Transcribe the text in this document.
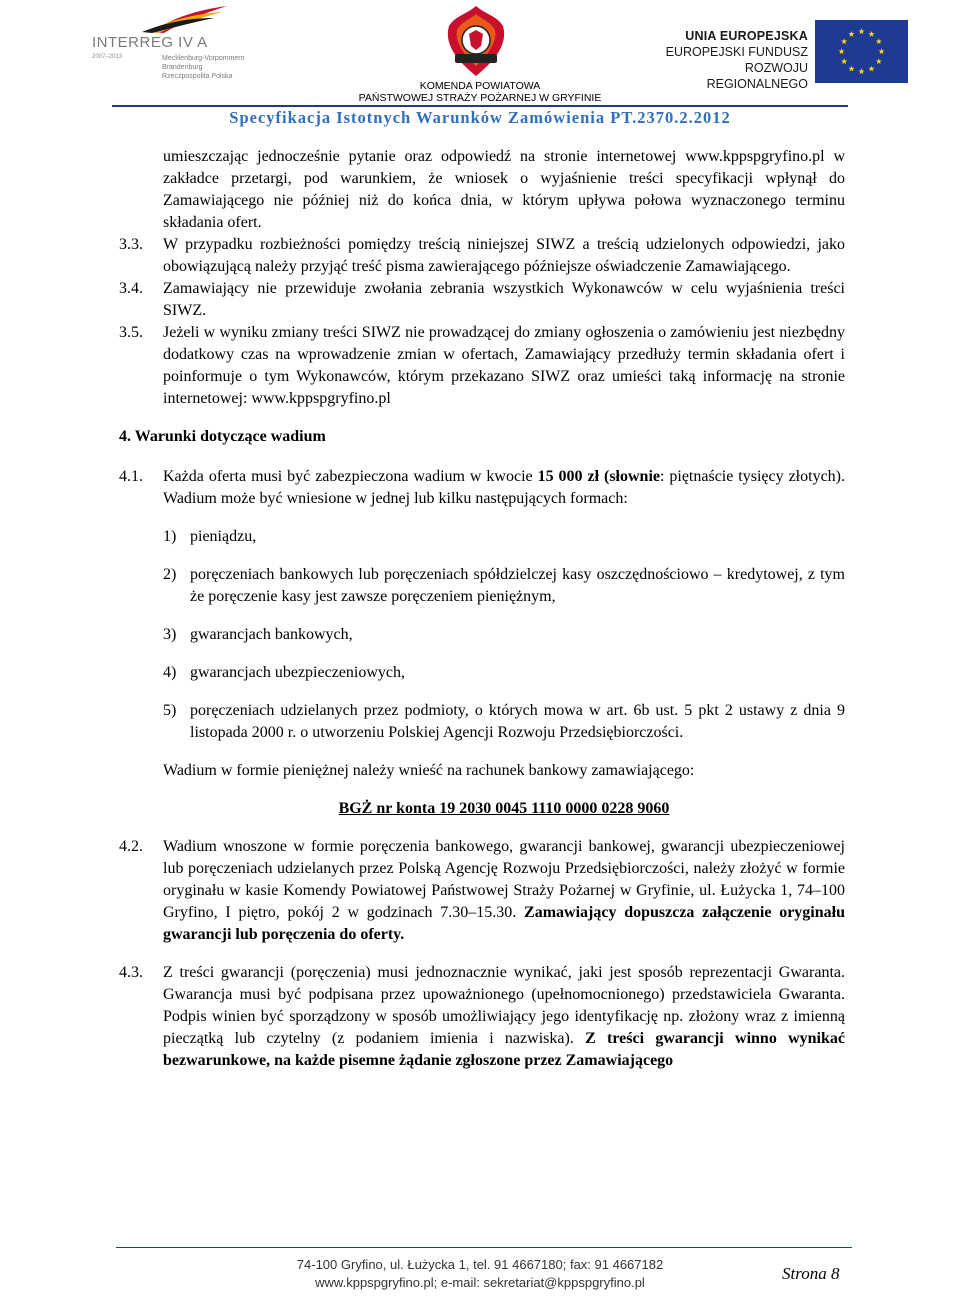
INTERREG IV A
2007–2013	Mecklenburg-Vorpommern
Brandenburg
Rzeczpospolita Polska
KOMENDA POWIATOWA
PAŃSTWOWEJ STRAŻY POŻARNEJ W GRYFINIE
UNIA EUROPEJSKA
EUROPEJSKI FUNDUSZ
ROZWOJU REGIONALNEGO
Specyfikacja Istotnych Warunków Zamówienia PT.2370.2.2012
umieszczając jednocześnie pytanie oraz odpowiedź na stronie internetowej www.kppspgryfino.pl w zakładce przetargi, pod warunkiem, że wniosek o wyjaśnienie treści specyfikacji wpłynął do Zamawiającego nie później niż do końca dnia, w którym upływa połowa wyznaczonego terminu składania ofert.
3.3. W przypadku rozbieżności pomiędzy treścią niniejszej SIWZ a treścią udzielonych odpowiedzi, jako obowiązującą należy przyjąć treść pisma zawierającego późniejsze oświadczenie Zamawiającego.
3.4. Zamawiający nie przewiduje zwołania zebrania wszystkich Wykonawców w celu wyjaśnienia treści SIWZ.
3.5. Jeżeli w wyniku zmiany treści SIWZ nie prowadzącej do zmiany ogłoszenia o zamówieniu jest niezbędny dodatkowy czas na wprowadzenie zmian w ofertach, Zamawiający przedłuży termin składania ofert i poinformuje o tym Wykonawców, którym przekazano SIWZ oraz umieści taką informację na stronie internetowej: www.kppspgryfino.pl
4. Warunki dotyczące wadium
4.1. Każda oferta musi być zabezpieczona wadium w kwocie 15 000 zł (słownie: piętnaście tysięcy złotych). Wadium może być wniesione w jednej lub kilku następujących formach:
1) pieniądzu,
2) poręczeniach bankowych lub poręczeniach spółdzielczej kasy oszczędnościowo – kredytowej, z tym że poręczenie kasy jest zawsze poręczeniem pieniężnym,
3) gwarancjach bankowych,
4) gwarancjach ubezpieczeniowych,
5) poręczeniach udzielanych przez podmioty, o których mowa w art. 6b ust. 5 pkt 2 ustawy z dnia 9 listopada 2000 r. o utworzeniu Polskiej Agencji Rozwoju Przedsiębiorczości.
Wadium w formie pieniężnej należy wnieść na rachunek bankowy zamawiającego:
BGŻ nr konta 19 2030 0045 1110 0000 0228 9060
4.2. Wadium wnoszone w formie poręczenia bankowego, gwarancji bankowej, gwarancji ubezpieczeniowej lub poręczeniach udzielanych przez Polską Agencję Rozwoju Przedsiębiorczości, należy złożyć w formie oryginału w kasie Komendy Powiatowej Państwowej Straży Pożarnej w Gryfinie, ul. Łużycka 1, 74–100 Gryfino, I piętro, pokój 2 w godzinach 7.30–15.30. Zamawiający dopuszcza załączenie oryginału gwarancji lub poręczenia do oferty.
4.3. Z treści gwarancji (poręczenia) musi jednoznacznie wynikać, jaki jest sposób reprezentacji Gwaranta. Gwarancja musi być podpisana przez upoważnionego (upełnomocnionego) przedstawiciela Gwaranta. Podpis winien być sporządzony w sposób umożliwiający jego identyfikację np. złożony wraz z imienną pieczątką lub czytelny (z podaniem imienia i nazwiska). Z treści gwarancji winno wynikać bezwarunkowe, na każde pisemne żądanie zgłoszone przez Zamawiającego
74-100 Gryfino, ul. Łużycka 1, tel. 91 4667180; fax: 91 4667182
www.kppspgryfino.pl; e-mail: sekretariat@kppspgryfino.pl	Strona 8
